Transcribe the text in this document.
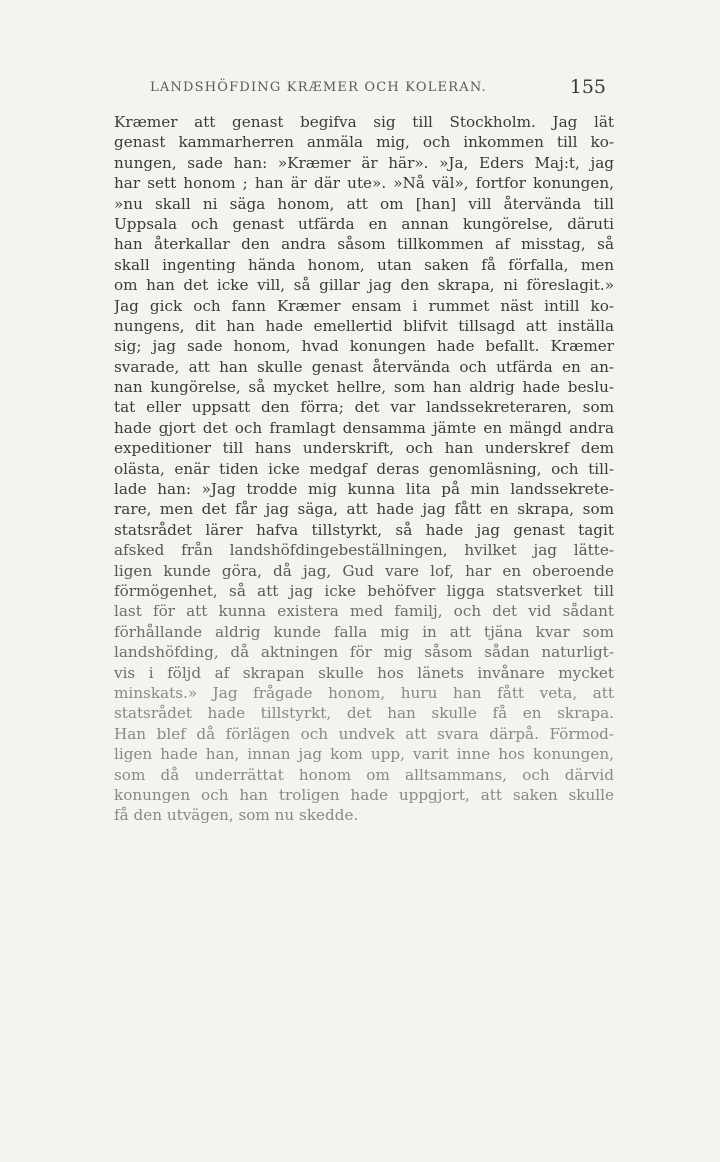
LANDSHÖFDING KRÆMER OCH KOLERAN.	155
Kræmer att genast begifva sig till Stockholm. Jag lät
genast kammarherren anmäla mig, och inkommen till ko-
nungen, sade han: »Kræmer är här». »Ja, Eders Maj:t, jag
har sett honom ; han är där ute». »Nå väl», fortfor konungen,
»nu skall ni säga honom, att om [han] vill återvända till
Uppsala och genast utfärda en annan kungörelse, däruti
han återkallar den andra såsom tillkommen af misstag, så
skall ingenting hända honom, utan saken få förfalla, men
om han det icke vill, så gillar jag den skrapa, ni föreslagit.»
Jag gick och fann Kræmer ensam i rummet näst intill ko-
nungens, dit han hade emellertid blifvit tillsagd att inställa
sig; jag sade honom, hvad konungen hade befallt. Kræmer
svarade, att han skulle genast återvända och utfärda en an-
nan kungörelse, så mycket hellre, som han aldrig hade beslu-
tat eller uppsatt den förra; det var landssekreteraren, som
hade gjort det och framlagt densamma jämte en mängd andra
expeditioner till hans underskrift, och han underskref dem
olästa, enär tiden icke medgaf deras genomläsning, och till-
lade han: »Jag trodde mig kunna lita på min landssekrete-
rare, men det får jag säga, att hade jag fått en skrapa, som
statsrådet lärer hafva tillstyrkt, så hade jag genast tagit
afsked från landshöfdingebeställningen, hvilket jag lätte-
ligen kunde göra, då jag, Gud vare lof, har en oberoende
förmögenhet, så att jag icke behöfver ligga statsverket till
last för att kunna existera med familj, och det vid sådant
förhållande aldrig kunde falla mig in att tjäna kvar som
landshöfding, då aktningen för mig såsom sådan naturligt-
vis i följd af skrapan skulle hos länets invånare mycket
minskats.» Jag frågade honom, huru han fått veta, att
statsrådet hade tillstyrkt, det han skulle få en skrapa.
Han blef då förlägen och undvek att svara därpå. Förmod-
ligen hade han, innan jag kom upp, varit inne hos konungen,
som då underrättat honom om alltsammans, och därvid
konungen och han troligen hade uppgjort, att saken skulle
få den utvägen, som nu skedde.
